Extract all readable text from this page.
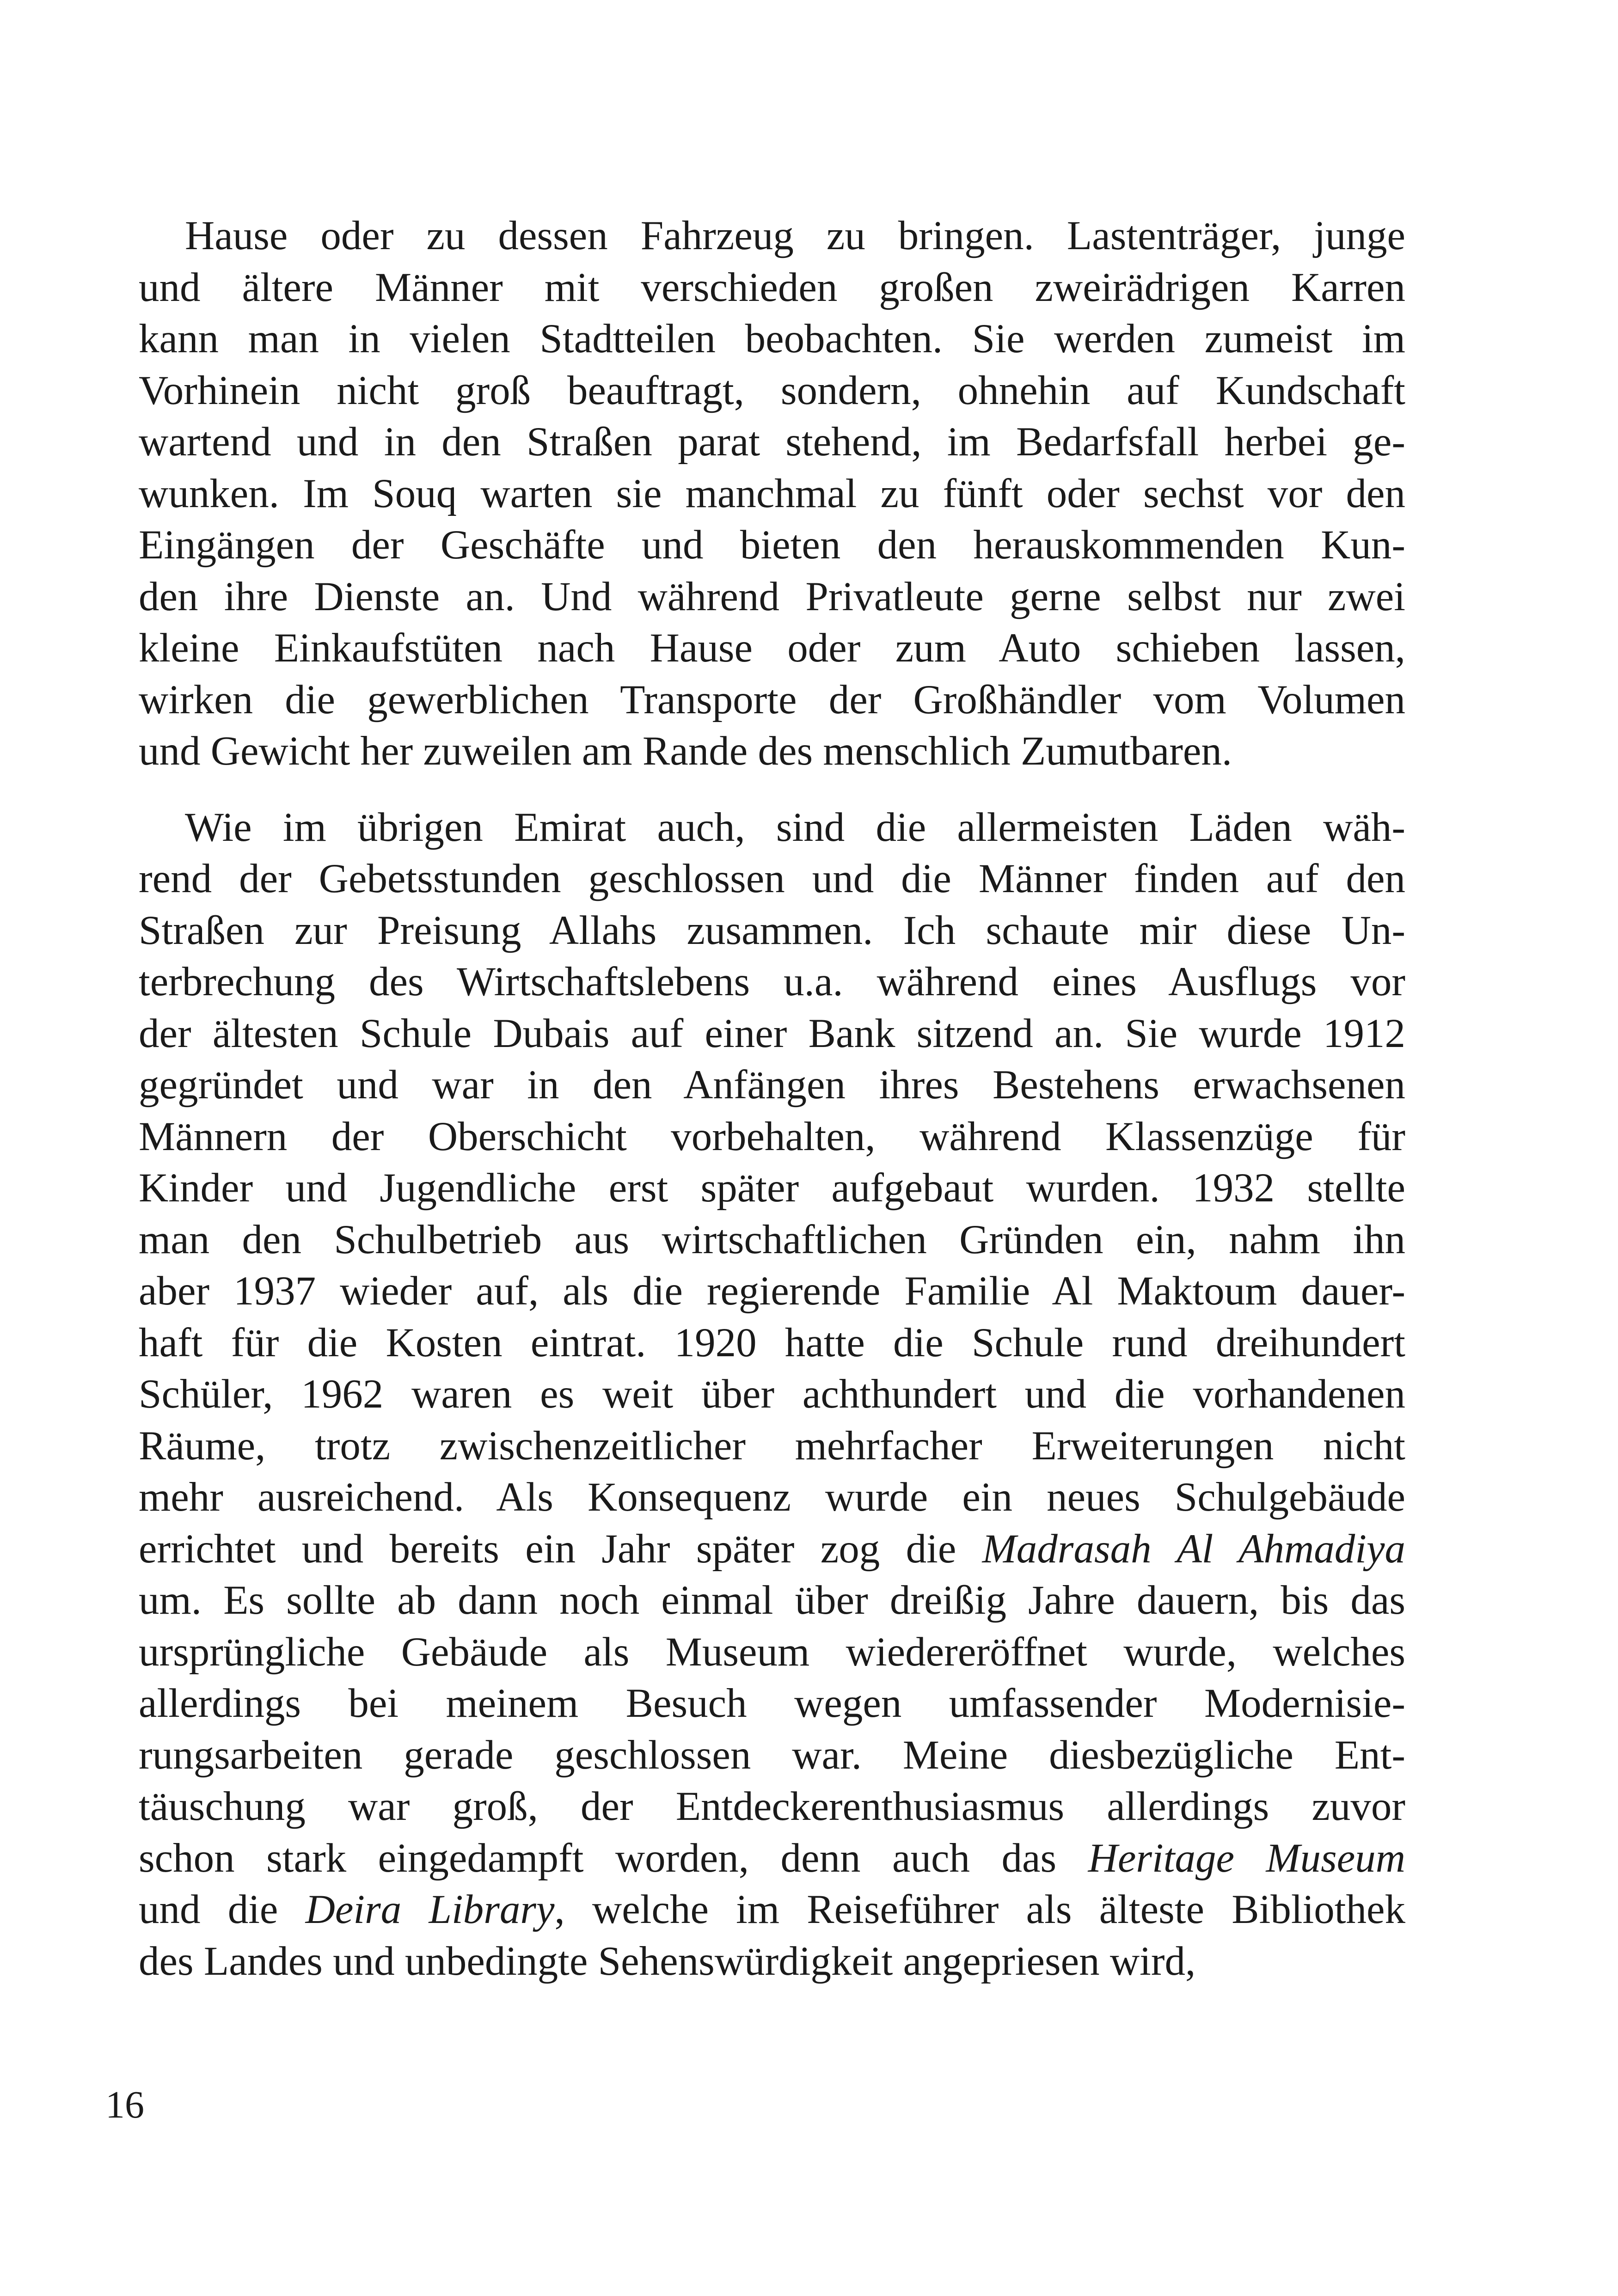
Hause oder zu dessen Fahrzeug zu bringen. Lastenträger, junge
und ältere Männer mit verschieden großen zweirädrigen Karren
kann man in vielen Stadtteilen beobachten. Sie werden zumeist im
Vorhinein nicht groß beauftragt, sondern, ohnehin auf Kundschaft
wartend und in den Straßen parat stehend, im Bedarfsfall herbei ge-
wunken. Im Souq warten sie manchmal zu fünft oder sechst vor den
Eingängen der Geschäfte und bieten den herauskommenden Kun-
den ihre Dienste an. Und während Privatleute gerne selbst nur zwei
kleine Einkaufstüten nach Hause oder zum Auto schieben lassen,
wirken die gewerblichen Transporte der Großhändler vom Volumen
und Gewicht her zuweilen am Rande des menschlich Zumutbaren.
Wie im übrigen Emirat auch, sind die allermeisten Läden wäh-
rend der Gebetsstunden geschlossen und die Männer finden auf den
Straßen zur Preisung Allahs zusammen. Ich schaute mir diese Un-
terbrechung des Wirtschaftslebens u.a. während eines Ausflugs vor
der ältesten Schule Dubais auf einer Bank sitzend an. Sie wurde 1912
gegründet und war in den Anfängen ihres Bestehens erwachsenen
Männern der Oberschicht vorbehalten, während Klassenzüge für
Kinder und Jugendliche erst später aufgebaut wurden. 1932 stellte
man den Schulbetrieb aus wirtschaftlichen Gründen ein, nahm ihn
aber 1937 wieder auf, als die regierende Familie Al Maktoum dauer-
haft für die Kosten eintrat. 1920 hatte die Schule rund dreihundert
Schüler, 1962 waren es weit über achthundert und die vorhandenen
Räume, trotz zwischenzeitlicher mehrfacher Erweiterungen nicht
mehr ausreichend. Als Konsequenz wurde ein neues Schulgebäude
errichtet und bereits ein Jahr später zog die Madrasah Al Ahmadiya
um. Es sollte ab dann noch einmal über dreißig Jahre dauern, bis das
ursprüngliche Gebäude als Museum wiedereröffnet wurde, welches
allerdings bei meinem Besuch wegen umfassender Modernisie-
rungsarbeiten gerade geschlossen war. Meine diesbezügliche Ent-
täuschung war groß, der Entdeckerenthusiasmus allerdings zuvor
schon stark eingedampft worden, denn auch das Heritage Museum
und die Deira Library, welche im Reiseführer als älteste Bibliothek
des Landes und unbedingte Sehenswürdigkeit angepriesen wird,
16
